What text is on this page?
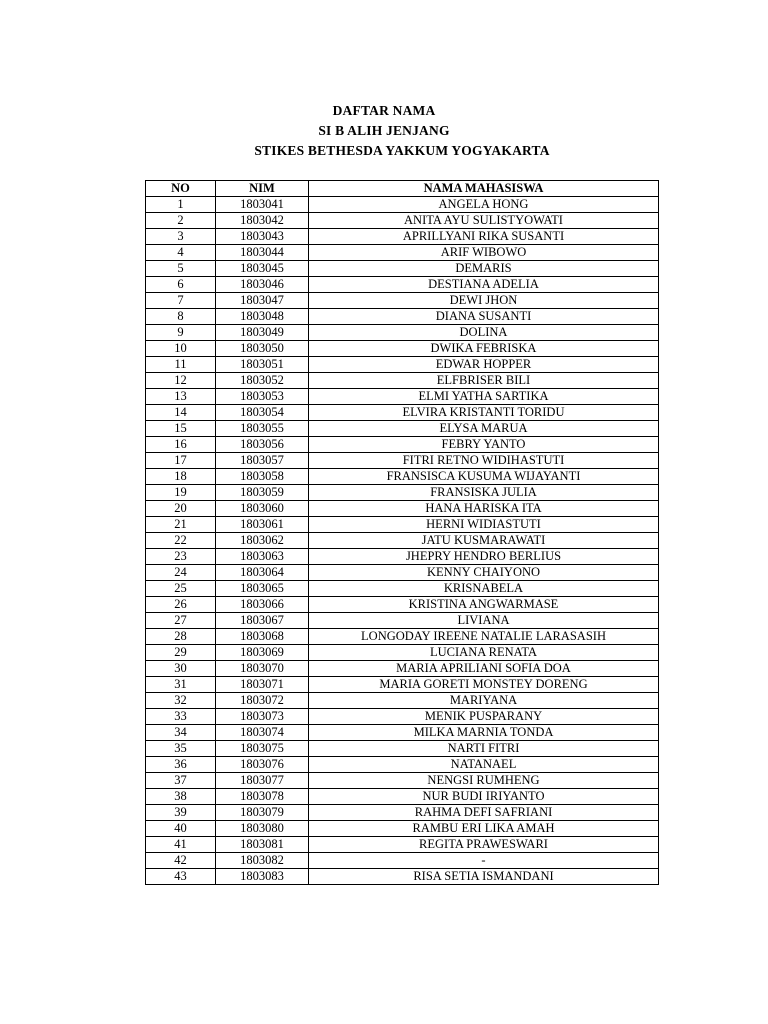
DAFTAR NAMA
SI B ALIH JENJANG
STIKES BETHESDA YAKKUM YOGYAKARTA
NO	NIM	NAMA MAHASISWA
1	1803041	ANGELA HONG
2	1803042	ANITA AYU SULISTYOWATI
3	1803043	APRILLYANI RIKA SUSANTI
4	1803044	ARIF WIBOWO
5	1803045	DEMARIS
6	1803046	DESTIANA ADELIA
7	1803047	DEWI JHON
8	1803048	DIANA SUSANTI
9	1803049	DOLINA
10	1803050	DWIKA FEBRISKA
11	1803051	EDWAR HOPPER
12	1803052	ELFBRISER BILI
13	1803053	ELMI YATHA SARTIKA
14	1803054	ELVIRA KRISTANTI TORIDU
15	1803055	ELYSA MARUA
16	1803056	FEBRY YANTO
17	1803057	FITRI RETNO WIDIHASTUTI
18	1803058	FRANSISCA KUSUMA WIJAYANTI
19	1803059	FRANSISKA JULIA
20	1803060	HANA HARISKA ITA
21	1803061	HERNI WIDIASTUTI
22	1803062	JATU KUSMARAWATI
23	1803063	JHEPRY HENDRO BERLIUS
24	1803064	KENNY CHAIYONO
25	1803065	KRISNABELA
26	1803066	KRISTINA ANGWARMASE
27	1803067	LIVIANA
28	1803068	LONGODAY IREENE NATALIE LARASASIH
29	1803069	LUCIANA RENATA
30	1803070	MARIA APRILIANI SOFIA DOA
31	1803071	MARIA GORETI MONSTEY DORENG
32	1803072	MARIYANA
33	1803073	MENIK PUSPARANY
34	1803074	MILKA MARNIA TONDA
35	1803075	NARTI FITRI
36	1803076	NATANAEL
37	1803077	NENGSI RUMHENG
38	1803078	NUR BUDI IRIYANTO
39	1803079	RAHMA DEFI SAFRIANI
40	1803080	RAMBU ERI LIKA AMAH
41	1803081	REGITA PRAWESWARI
42	1803082	-
43	1803083	RISA SETIA ISMANDANI
